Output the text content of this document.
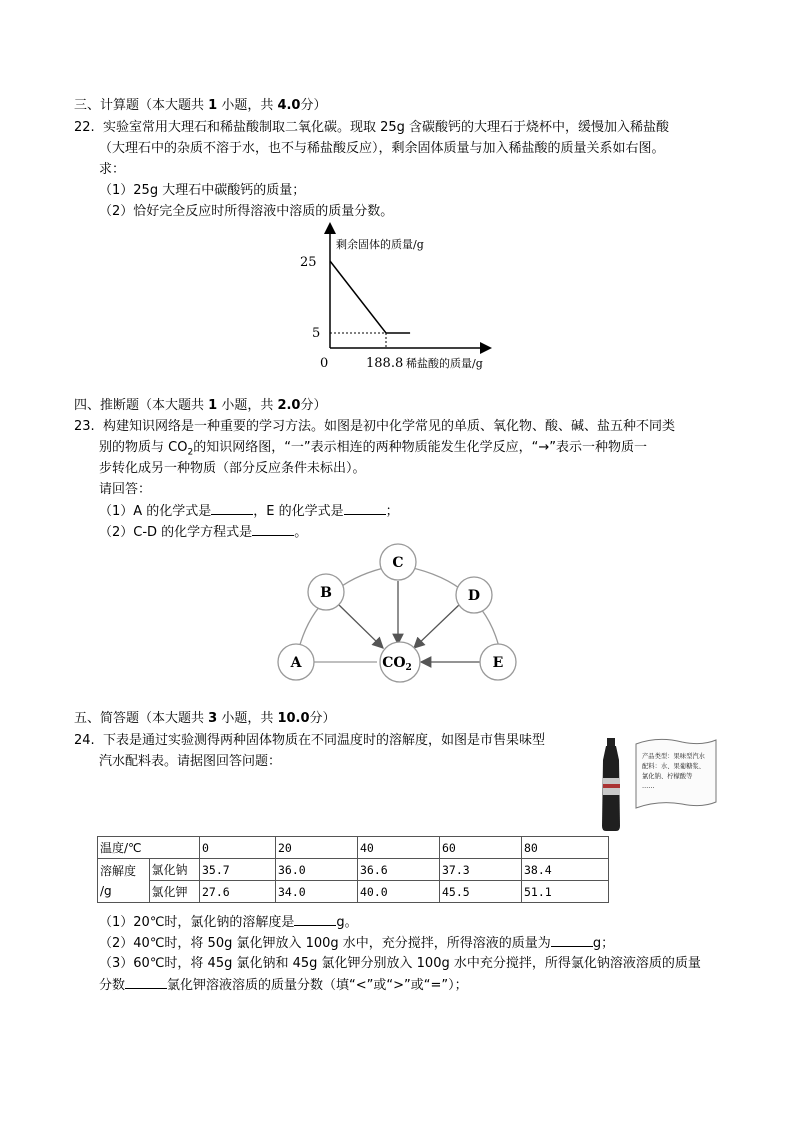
三、计算题（本大题共 1 小题，共 4.0分）
22. 实验室常用大理石和稀盐酸制取二氧化碳。现取 25g 含碳酸钙的大理石于烧杯中，缓慢加入稀盐酸
（大理石中的杂质不溶于水，也不与稀盐酸反应），剩余固体质量与加入稀盐酸的质量关系如右图。
求：
（1）25g 大理石中碳酸钙的质量；
（2）恰好完全反应时所得溶液中溶质的质量分数。
剩余固体的质量/g
25
5
0	188.8 稀盐酸的质量/g
四、推断题（本大题共 1 小题，共 2.0分）
23. 构建知识网络是一种重要的学习方法。如图是初中化学常见的单质、氧化物、酸、碱、盐五种不同类
别的物质与 $CO_2$的知识网络图，“一”表示相连的两种物质能发生化学反应，“→”表示一种物质一
步转化成另一种物质（部分反应条件未标出）。
请回答：
（1）A 的化学式是	，E 的化学式是	；
（2）C-D 的化学方程式是	。
C
B	D
A	$CO_2$	E
五、简答题（本大题共 3 小题，共 10.0分）
24. 下表是通过实验测得两种固体物质在不同温度时的溶解度，如图是市售果味型
汽水配料表。请据图回答问题：	产品类型：果味型汽水 配料：水、果葡糖浆、 氯化钠、柠檬酸等 ……
温度/℃		0	20	40	60	80
溶解度
/g	氯化钠	35.7	36.0	36.6	37.3	38.4
	氯化钾	27.6	34.0	40.0	45.5	51.1
（1）20℃时，氯化钠的溶解度是	g。
（2）40℃时，将 50g 氯化钾放入 100g 水中，充分搅拌，所得溶液的质量为	g；
（3）60℃时，将 45g 氯化钠和 45g 氯化钾分别放入 100g 水中充分搅拌，所得氯化钠溶液溶质的质量
分数	氯化钾溶液溶质的质量分数（填“<”或“>”或“=”）；
